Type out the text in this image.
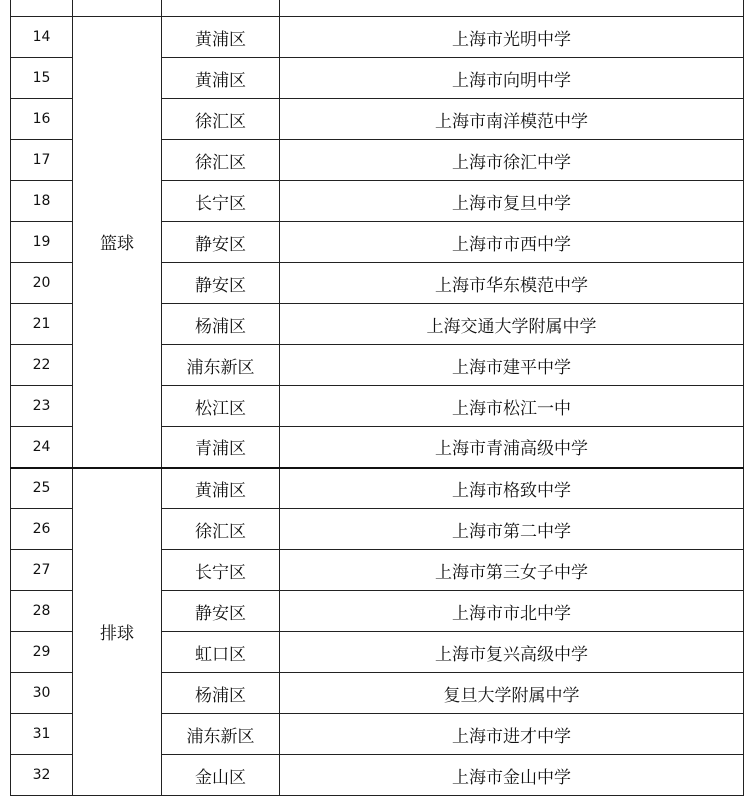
14	篮球	黄浦区	上海市光明中学
15		黄浦区	上海市向明中学
16		徐汇区	上海市南洋模范中学
17		徐汇区	上海市徐汇中学
18		长宁区	上海市复旦中学
19		静安区	上海市市西中学
20		静安区	上海市华东模范中学
21		杨浦区	上海交通大学附属中学
22		浦东新区	上海市建平中学
23		松江区	上海市松江一中
24		青浦区	上海市青浦高级中学
25	排球	黄浦区	上海市格致中学
26		徐汇区	上海市第二中学
27		长宁区	上海市第三女子中学
28		静安区	上海市市北中学
29		虹口区	上海市复兴高级中学
30		杨浦区	复旦大学附属中学
31		浦东新区	上海市进才中学
32		金山区	上海市金山中学
